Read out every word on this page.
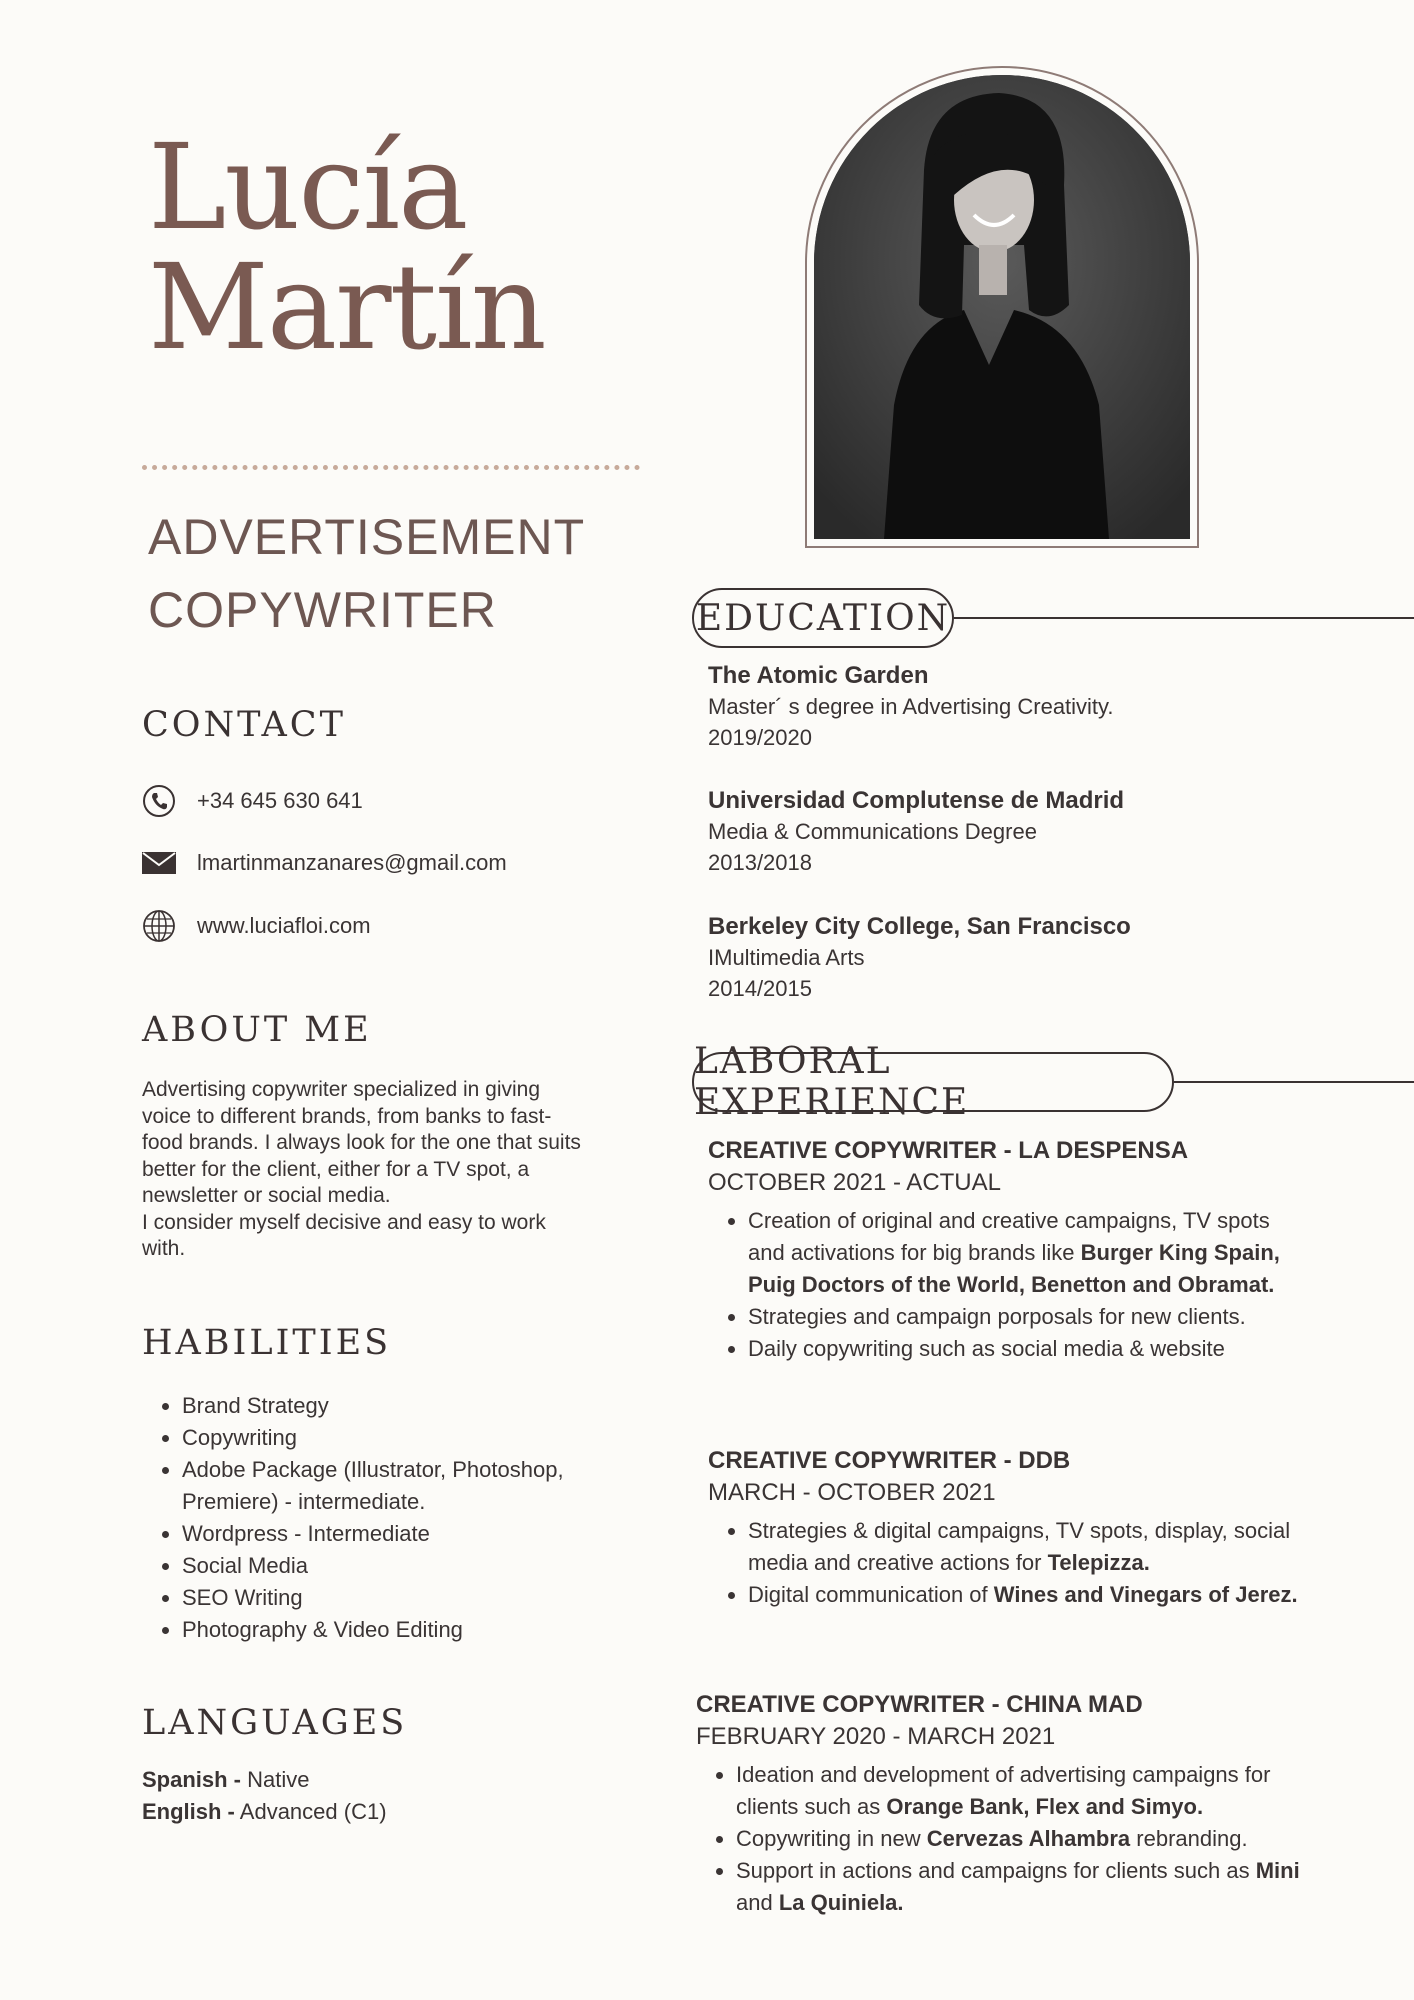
Lucía
Martín
ADVERTISEMENT
COPYWRITER
CONTACT
+34 645 630 641
lmartinmanzanares@gmail.com
www.luciafloi.com
ABOUT ME

Advertising copywriter specialized in giving voice to different brands, from banks to fast-food brands. I always look for the one that suits better for the client, either for a TV spot, a newsletter or social media.

I consider myself decisive and easy to work with.

HABILITIES
• Brand Strategy
• Copywriting
• Adobe Package (Illustrator, Photoshop, Premiere) - intermediate.
• Wordpress - Intermediate
• Social Media
• SEO Writing
• Photography & Video Editing
LANGUAGES
Spanish - Native
English - Advanced (C1)
EDUCATION
The Atomic Garden
Master´ s degree in Advertising Creativity.
2019/2020
Universidad Complutense de Madrid
Media & Communications Degree
2013/2018
Berkeley City College, San Francisco
IMultimedia Arts
2014/2015
LABORAL EXPERIENCE
CREATIVE COPYWRITER - LA DESPENSA
OCTOBER 2021 - ACTUAL
• Creation of original and creative campaigns, TV spots and activations for big brands like Burger King Spain, Puig Doctors of the World, Benetton and Obramat.
• Strategies and campaign porposals for new clients.
• Daily copywriting such as social media & website
CREATIVE COPYWRITER - DDB
MARCH - OCTOBER 2021
• Strategies & digital campaigns, TV spots, display, social media and creative actions for Telepizza.
• Digital communication of Wines and Vinegars of Jerez.
CREATIVE COPYWRITER - CHINA MAD
FEBRUARY 2020 - MARCH 2021
• Ideation and development of advertising campaigns for clients such as Orange Bank, Flex and Simyo.
• Copywriting in new Cervezas Alhambra rebranding.
• Support in actions and campaigns for clients such as Mini and La Quiniela.
